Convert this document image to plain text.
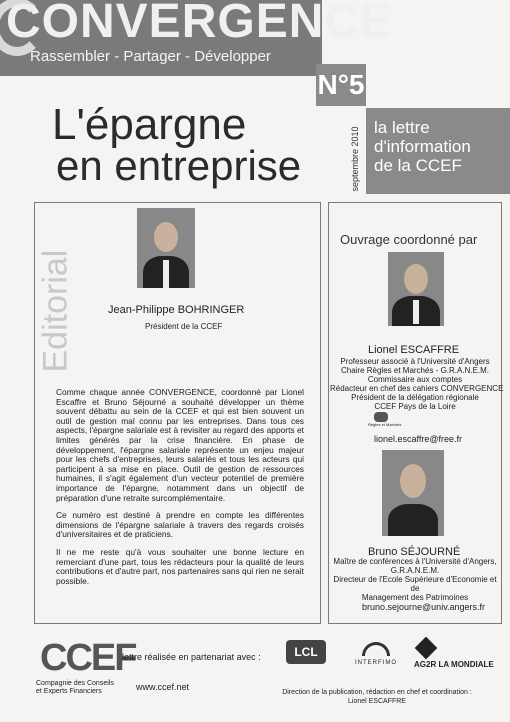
CONVERGENCE
Rassembler - Partager - Développer
N°5
septembre 2010 la lettre
d'information
de la CCEF
L'épargne
en entreprise
Editorial	Jean-Philippe BOHRINGER
Président de la CCEF

Comme chaque année CONVERGENCE, coordonné par Lionel Escaffre et Bruno Séjourné a souhaité développer un thème souvent débattu au sein de la CCEF et qui est bien souvent un outil de gestion mal connu par les entreprises. Dans tous ces aspects, l'épargne salariale est à revisiter au regard des apports et limites générés par la crise financière. En phase de développement, l'épargne salariale représente un enjeu majeur pour les chefs d'entreprises, leurs salariés et tous les acteurs qui participent à sa mise en place. Outil de gestion de ressources humaines, il s'agit également d'un vecteur potentiel de première importance de l'épargne, notamment dans un objectif de préparation d'une retraite surcomplémentaire.

Ce numéro est destiné à prendre en compte les différentes dimensions de l'épargne salariale à travers des regards croisés d'universitaires et de praticiens.

Il ne me reste qu'à vous souhaiter une bonne lecture en remerciant d'une part, tous les rédacteurs pour la qualité de leurs contributions et d'autre part, nos partenaires sans qui rien ne serait possible.

Ouvrage coordonné par
Lionel ESCAFFRE
Professeur associé à l'Université d'Angers
Chaire Règles et Marchés - G.R.A.N.E.M.
Commissaire aux comptes
Rédacteur en chef des cahiers CONVERGENCE
Président de la délégation régionale
CCEF Pays de la Loire
Règles et Marchés
lionel.escaffre@free.fr
Bruno SÉJOURNÉ
Maître de conférences à l'Université d'Angers,
G.R.A.N.E.M.
Directeur de l'Ecole Supérieure d'Economie et de
Management des Patrimoines
bruno.sejourne@univ.angers.fr
CCEF
Compagnie des Conseils et Experts Financiers
lettre réalisée en partenariat avec :
www.ccef.net
LCL
INTERFIMO	AG2R LA MONDIALE
Direction de la publication, rédaction en chef et coordination : Lionel ESCAFFRE
